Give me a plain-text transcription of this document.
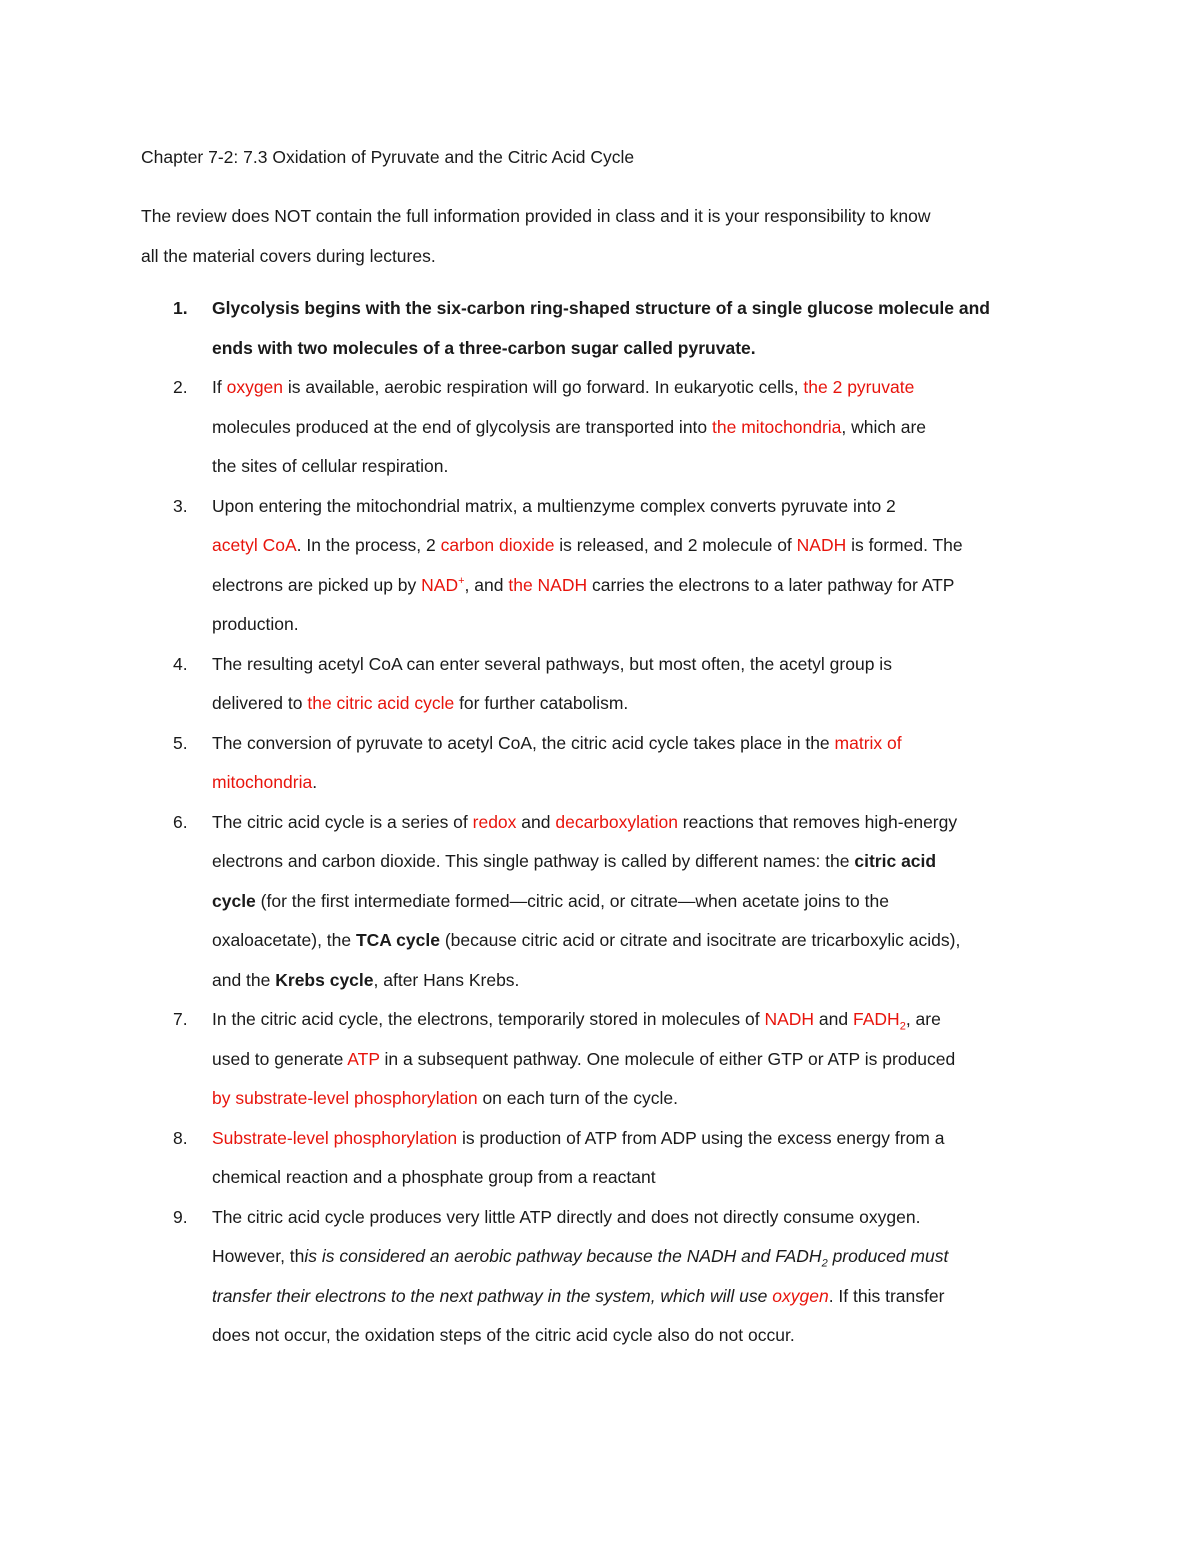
Chapter 7-2: 7.3 Oxidation of Pyruvate and the Citric Acid Cycle
The review does NOT contain the full information provided in class and it is your responsibility to know
all the material covers during lectures.
1. Glycolysis begins with the six-carbon ring-shaped structure of a single glucose molecule and
ends with two molecules of a three-carbon sugar called pyruvate.
2. If oxygen is available, aerobic respiration will go forward. In eukaryotic cells, the 2 pyruvate
molecules produced at the end of glycolysis are transported into the mitochondria, which are
the sites of cellular respiration.
3. Upon entering the mitochondrial matrix, a multienzyme complex converts pyruvate into 2
acetyl CoA. In the process, 2 carbon dioxide is released, and 2 molecule of NADH is formed. The
electrons are picked up by NAD+, and the NADH carries the electrons to a later pathway for ATP
production.
4. The resulting acetyl CoA can enter several pathways, but most often, the acetyl group is
delivered to the citric acid cycle for further catabolism.
5. The conversion of pyruvate to acetyl CoA, the citric acid cycle takes place in the matrix of
mitochondria.
6. The citric acid cycle is a series of redox and decarboxylation reactions that removes high-energy
electrons and carbon dioxide. This single pathway is called by different names: the citric acid
cycle (for the first intermediate formed—citric acid, or citrate—when acetate joins to the
oxaloacetate), the TCA cycle (because citric acid or citrate and isocitrate are tricarboxylic acids),
and the Krebs cycle, after Hans Krebs.
7. In the citric acid cycle, the electrons, temporarily stored in molecules of NADH and $FADH_2$, are
used to generate ATP in a subsequent pathway. One molecule of either GTP or ATP is produced
by substrate-level phosphorylation on each turn of the cycle.
8. Substrate-level phosphorylation is production of ATP from ADP using the excess energy from a
chemical reaction and a phosphate group from a reactant
9. The citric acid cycle produces very little ATP directly and does not directly consume oxygen.
However, this is considered an aerobic pathway because the NADH and $FADH_2$ produced must
transfer their electrons to the next pathway in the system, which will use oxygen. If this transfer
does not occur, the oxidation steps of the citric acid cycle also do not occur.
